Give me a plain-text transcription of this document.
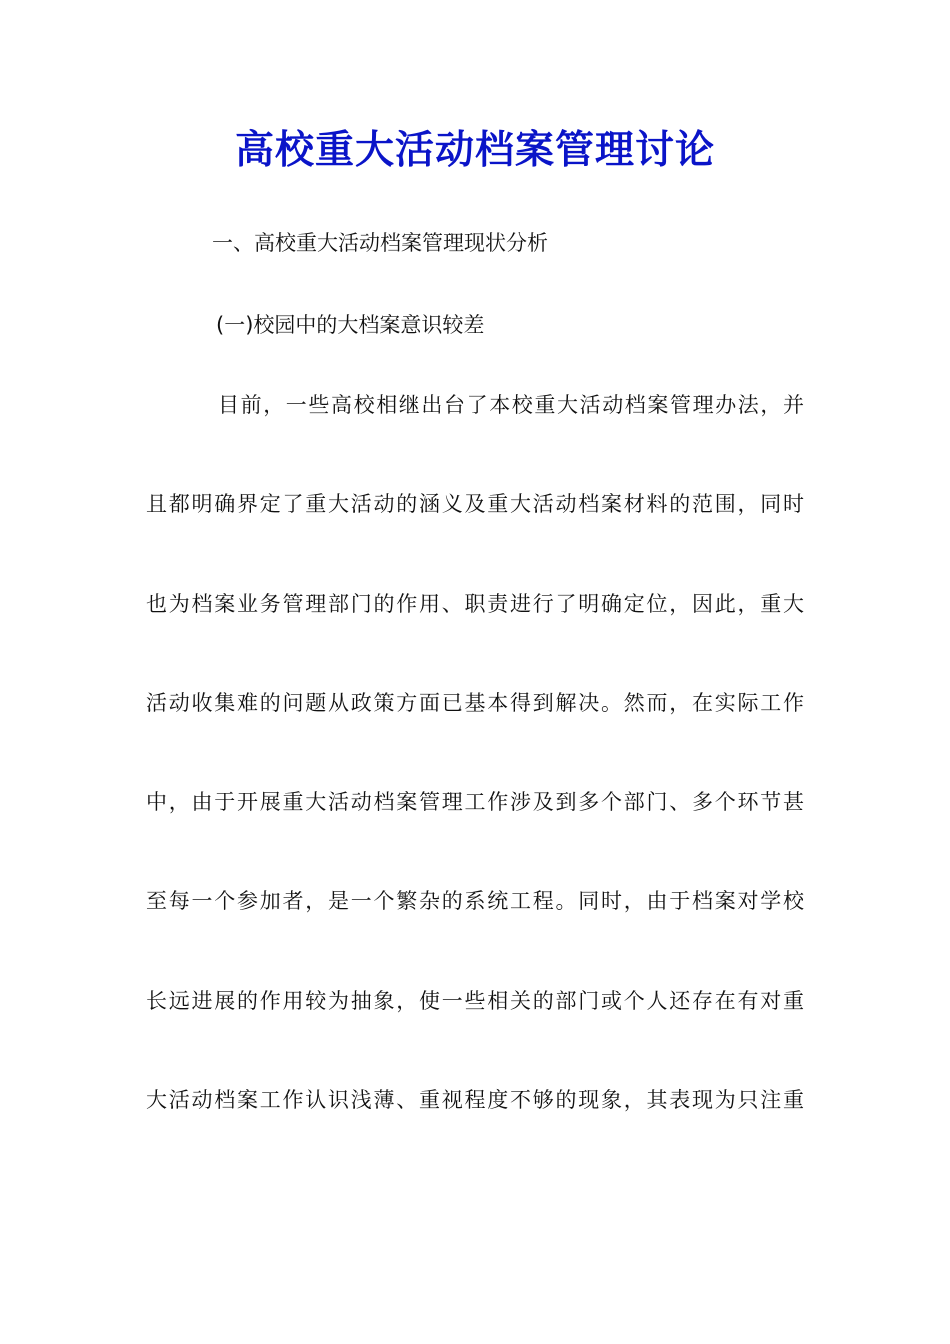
高校重大活动档案管理讨论

一、高校重大活动档案管理现状分析

(一)校园中的大档案意识较差

目前，一些高校相继出台了本校重大活动档案管理办法，并

且都明确界定了重大活动的涵义及重大活动档案材料的范围，同时

也为档案业务管理部门的作用、职责进行了明确定位，因此，重大

活动收集难的问题从政策方面已基本得到解决。然而，在实际工作

中，由于开展重大活动档案管理工作涉及到多个部门、多个环节甚

至每一个参加者，是一个繁杂的系统工程。同时，由于档案对学校

长远进展的作用较为抽象，使一些相关的部门或个人还存在有对重

大活动档案工作认识浅薄、重视程度不够的现象，其表现为只注重
